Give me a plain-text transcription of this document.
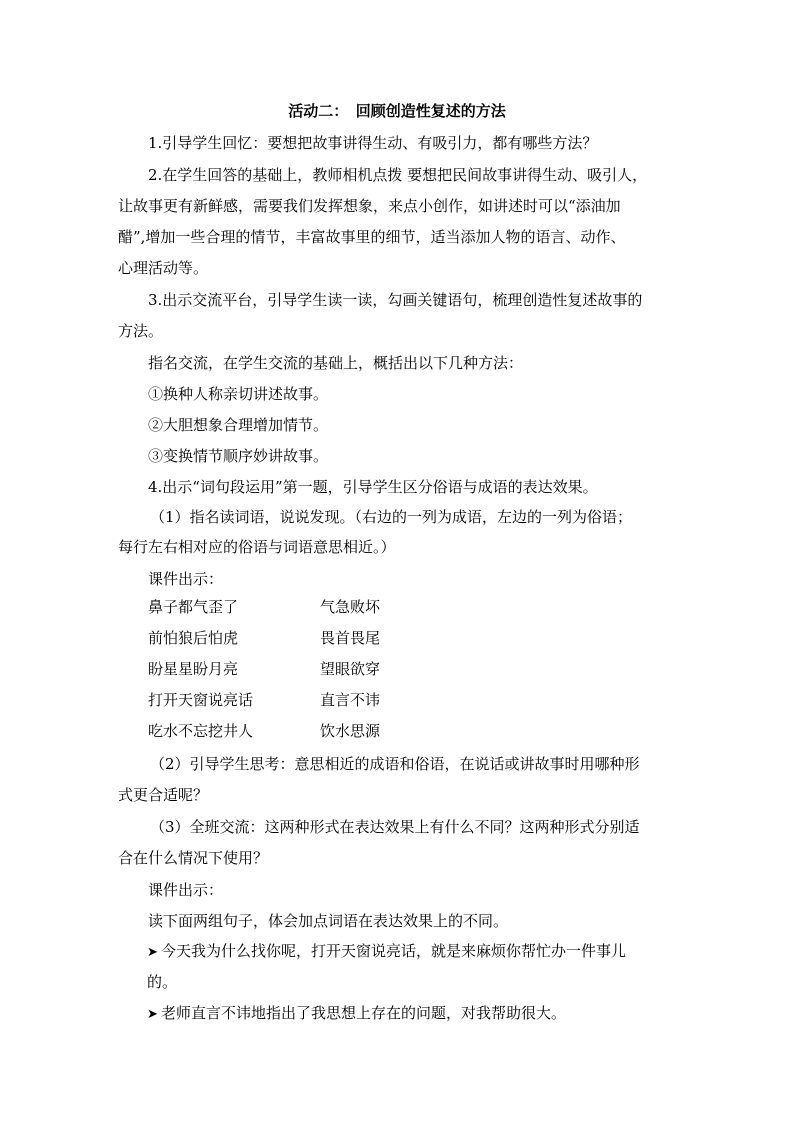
活动二：　回顾创造性复述的方法
1.引导学生回忆：要想把故事讲得生动、有吸引力，都有哪些方法？
2.在学生回答的基础上，教师相机点拨 要想把民间故事讲得生动、吸引人，
让故事更有新鲜感，需要我们发挥想象，来点小创作，如讲述时可以“添油加
醋”,增加一些合理的情节，丰富故事里的细节，适当添加人物的语言、动作、
心理活动等。
3.出示交流平台，引导学生读一读，勾画关键语句，梳理创造性复述故事的
方法。
指名交流，在学生交流的基础上，概括出以下几种方法：
①换种人称亲切讲述故事。
②大胆想象合理增加情节。
③变换情节顺序妙讲故事。
4.出示“词句段运用”第一题，引导学生区分俗语与成语的表达效果。
（1）指名读词语，说说发现。（右边的一列为成语，左边的一列为俗语；
每行左右相对应的俗语与词语意思相近。）
课件出示：
鼻子都气歪了	气急败坏
前怕狼后怕虎	畏首畏尾
盼星星盼月亮	望眼欲穿
打开天窗说亮话	直言不讳
吃水不忘挖井人	饮水思源
（2）引导学生思考：意思相近的成语和俗语，在说话或讲故事时用哪种形
式更合适呢？
（3）全班交流：这两种形式在表达效果上有什么不同？这两种形式分别适
合在什么情况下使用？
课件出示：
读下面两组句子，体会加点词语在表达效果上的不同。
➤ 今天我为什么找你呢，打开天窗说亮话，就是来麻烦你帮忙办一件事儿
的。
➤ 老师直言不讳地指出了我思想上存在的问题，对我帮助很大。
